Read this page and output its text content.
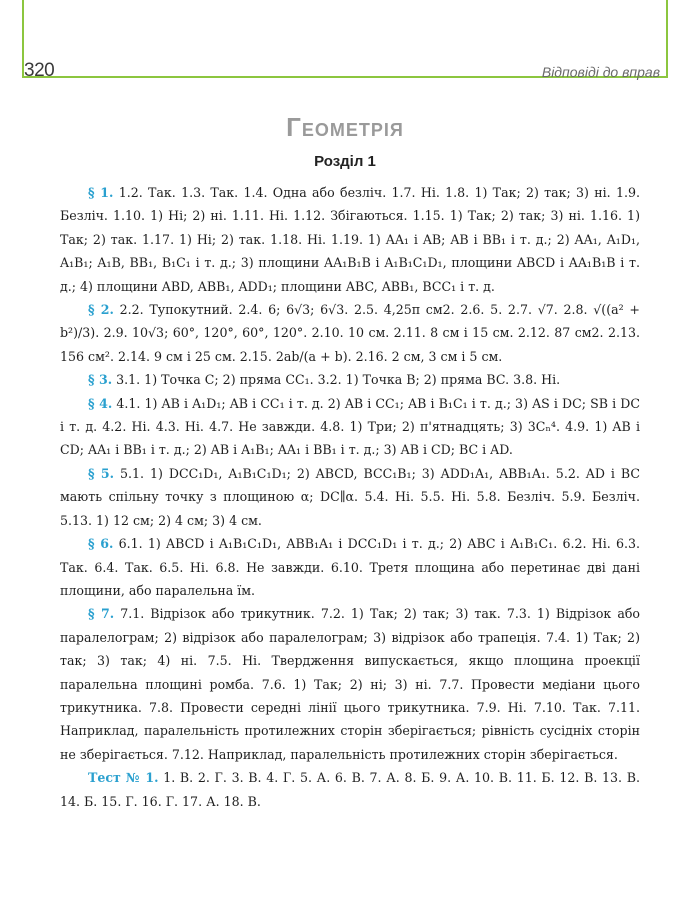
320	Відповіді до вправ
Геометрія
Розділ 1

§ 1. 1.2. Так. 1.3. Так. 1.4. Одна або безліч. 1.7. Ні. 1.8. 1) Так; 2) так; 3) ні. 1.9. Безліч. 1.10. 1) Ні; 2) ні. 1.11. Ні. 1.12. Збігаються. 1.15. 1) Так; 2) так; 3) ні. 1.16. 1) Так; 2) так. 1.17. 1) Ні; 2) так. 1.18. Ні. 1.19. 1) AA₁ і AB; AB і BB₁ і т. д.; 2) AA₁, A₁D₁, A₁B₁; A₁B, BB₁, B₁C₁ і т. д.; 3) площини AA₁B₁B і A₁B₁C₁D₁, площини ABCD і AA₁B₁B і т. д.; 4) площини ABD, ABB₁, ADD₁; площини ABC, ABB₁, BCC₁ і т. д.

§ 2. 2.2. Тупокутний. 2.4. 6; 6√3; 6√3. 2.5. 4,25π см2. 2.6. 5. 2.7. √7. 2.8. √((a² + b²)/3). 2.9. 10√3; 60°, 120°, 60°, 120°. 2.10. 10 см. 2.11. 8 см і 15 см. 2.12. 87 см2. 2.13. 156 см². 2.14. 9 см і 25 см. 2.15. 2ab/(a + b). 2.16. 2 см, 3 см і 5 см.

§ 3. 3.1. 1) Точка C; 2) пряма CC₁. 3.2. 1) Точка B; 2) пряма BC. 3.8. Ні.

§ 4. 4.1. 1) AB і A₁D₁; AB і CC₁ і т. д. 2) AB і CC₁; AB і B₁C₁ і т. д.; 3) AS і DC; SB і DC і т. д. 4.2. Ні. 4.3. Ні. 4.7. Не завжди. 4.8. 1) Три; 2) п'ятнадцять; 3) 3Cₙ⁴. 4.9. 1) AB і CD; AA₁ і BB₁ і т. д.; 2) AB і A₁B₁; AA₁ і BB₁ і т. д.; 3) AB і CD; BC і AD.

§ 5. 5.1. 1) DCC₁D₁, A₁B₁C₁D₁; 2) ABCD, BCC₁B₁; 3) ADD₁A₁, ABB₁A₁. 5.2. AD і BC мають спільну точку з площиною α; DC∥α. 5.4. Ні. 5.5. Ні. 5.8. Безліч. 5.9. Безліч. 5.13. 1) 12 см; 2) 4 см; 3) 4 см.

§ 6. 6.1. 1) ABCD і A₁B₁C₁D₁, ABB₁A₁ і DCC₁D₁ і т. д.; 2) ABC і A₁B₁C₁. 6.2. Ні. 6.3. Так. 6.4. Так. 6.5. Ні. 6.8. Не завжди. 6.10. Третя площина або перетинає дві дані площини, або паралельна їм.

§ 7. 7.1. Відрізок або трикутник. 7.2. 1) Так; 2) так; 3) так. 7.3. 1) Відрізок або паралелограм; 2) відрізок або паралелограм; 3) відрізок або трапеція. 7.4. 1) Так; 2) так; 3) так; 4) ні. 7.5. Ні. Твердження випускається, якщо площина проекції паралельна площині ромба. 7.6. 1) Так; 2) ні; 3) ні. 7.7. Провести медіани цього трикутника. 7.8. Провести середні лінії цього трикутника. 7.9. Ні. 7.10. Так. 7.11. Наприклад, паралельність протилежних сторін зберігається; рівність сусідніх сторін не зберігається. 7.12. Наприклад, паралельність протилежних сторін зберігається.

Тест № 1. 1. В. 2. Г. 3. В. 4. Г. 5. А. 6. В. 7. А. 8. Б. 9. А. 10. В. 11. Б. 12. В. 13. В. 14. Б. 15. Г. 16. Г. 17. А. 18. В.
